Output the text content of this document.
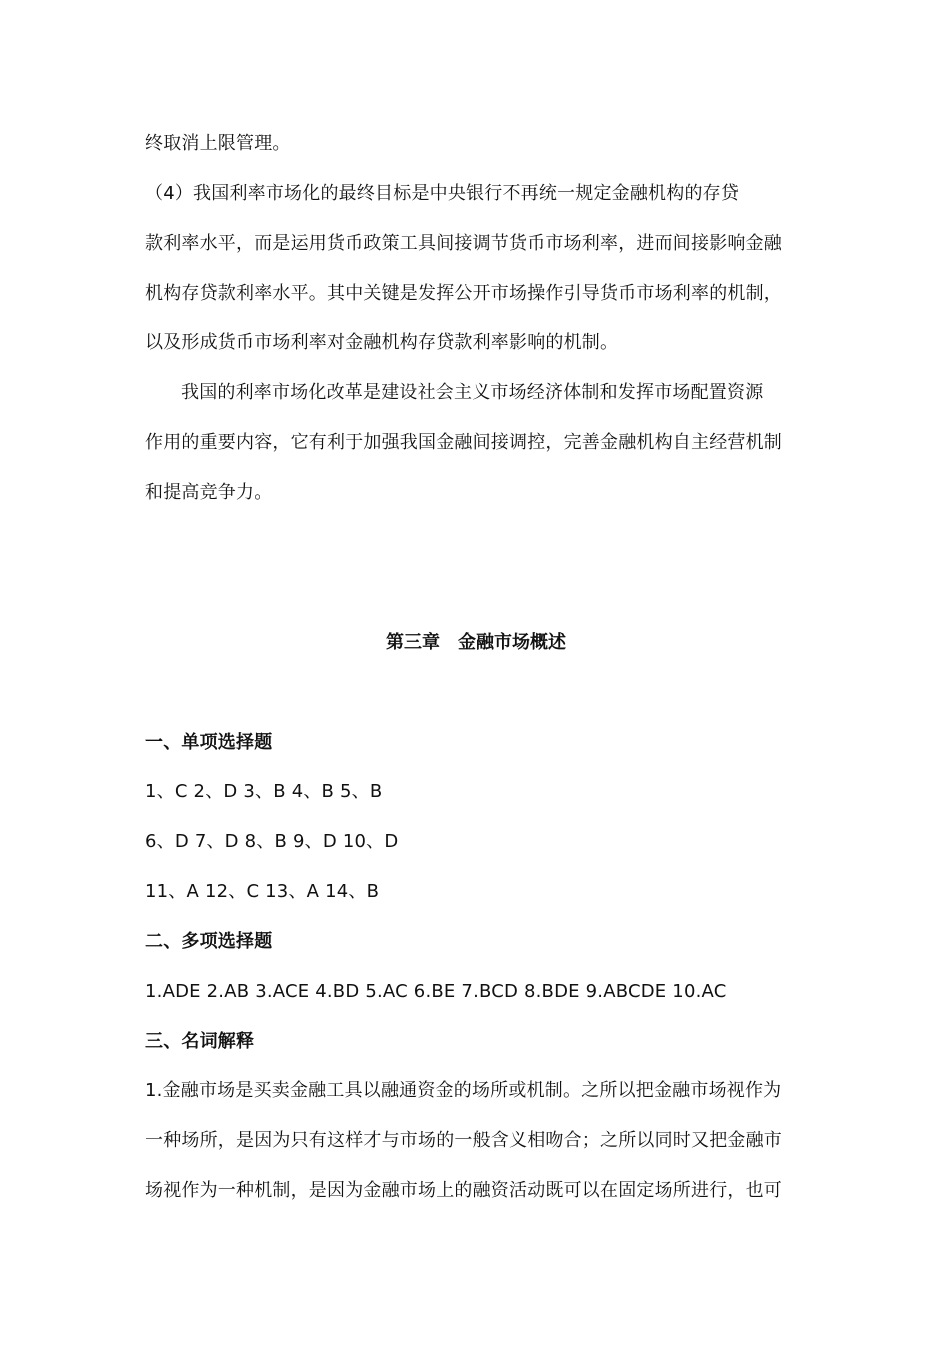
终取消上限管理。
（4）我国利率市场化的最终目标是中央银行不再统一规定金融机构的存贷
款利率水平，而是运用货币政策工具间接调节货币市场利率，进而间接影响金融
机构存贷款利率水平。其中关键是发挥公开市场操作引导货币市场利率的机制，
以及形成货币市场利率对金融机构存贷款利率影响的机制。
我国的利率市场化改革是建设社会主义市场经济体制和发挥市场配置资源
作用的重要内容，它有利于加强我国金融间接调控，完善金融机构自主经营机制
和提高竞争力。
第三章　金融市场概述
一、单项选择题
1、C 2、D 3、B 4、B 5、B
6、D 7、D 8、B 9、D 10、D
11、A 12、C 13、A 14、B
二、多项选择题
1.ADE 2.AB 3.ACE 4.BD 5.AC 6.BE 7.BCD 8.BDE 9.ABCDE 10.AC
三、名词解释
1.金融市场是买卖金融工具以融通资金的场所或机制。之所以把金融市场视作为
一种场所，是因为只有这样才与市场的一般含义相吻合；之所以同时又把金融市
场视作为一种机制，是因为金融市场上的融资活动既可以在固定场所进行，也可
